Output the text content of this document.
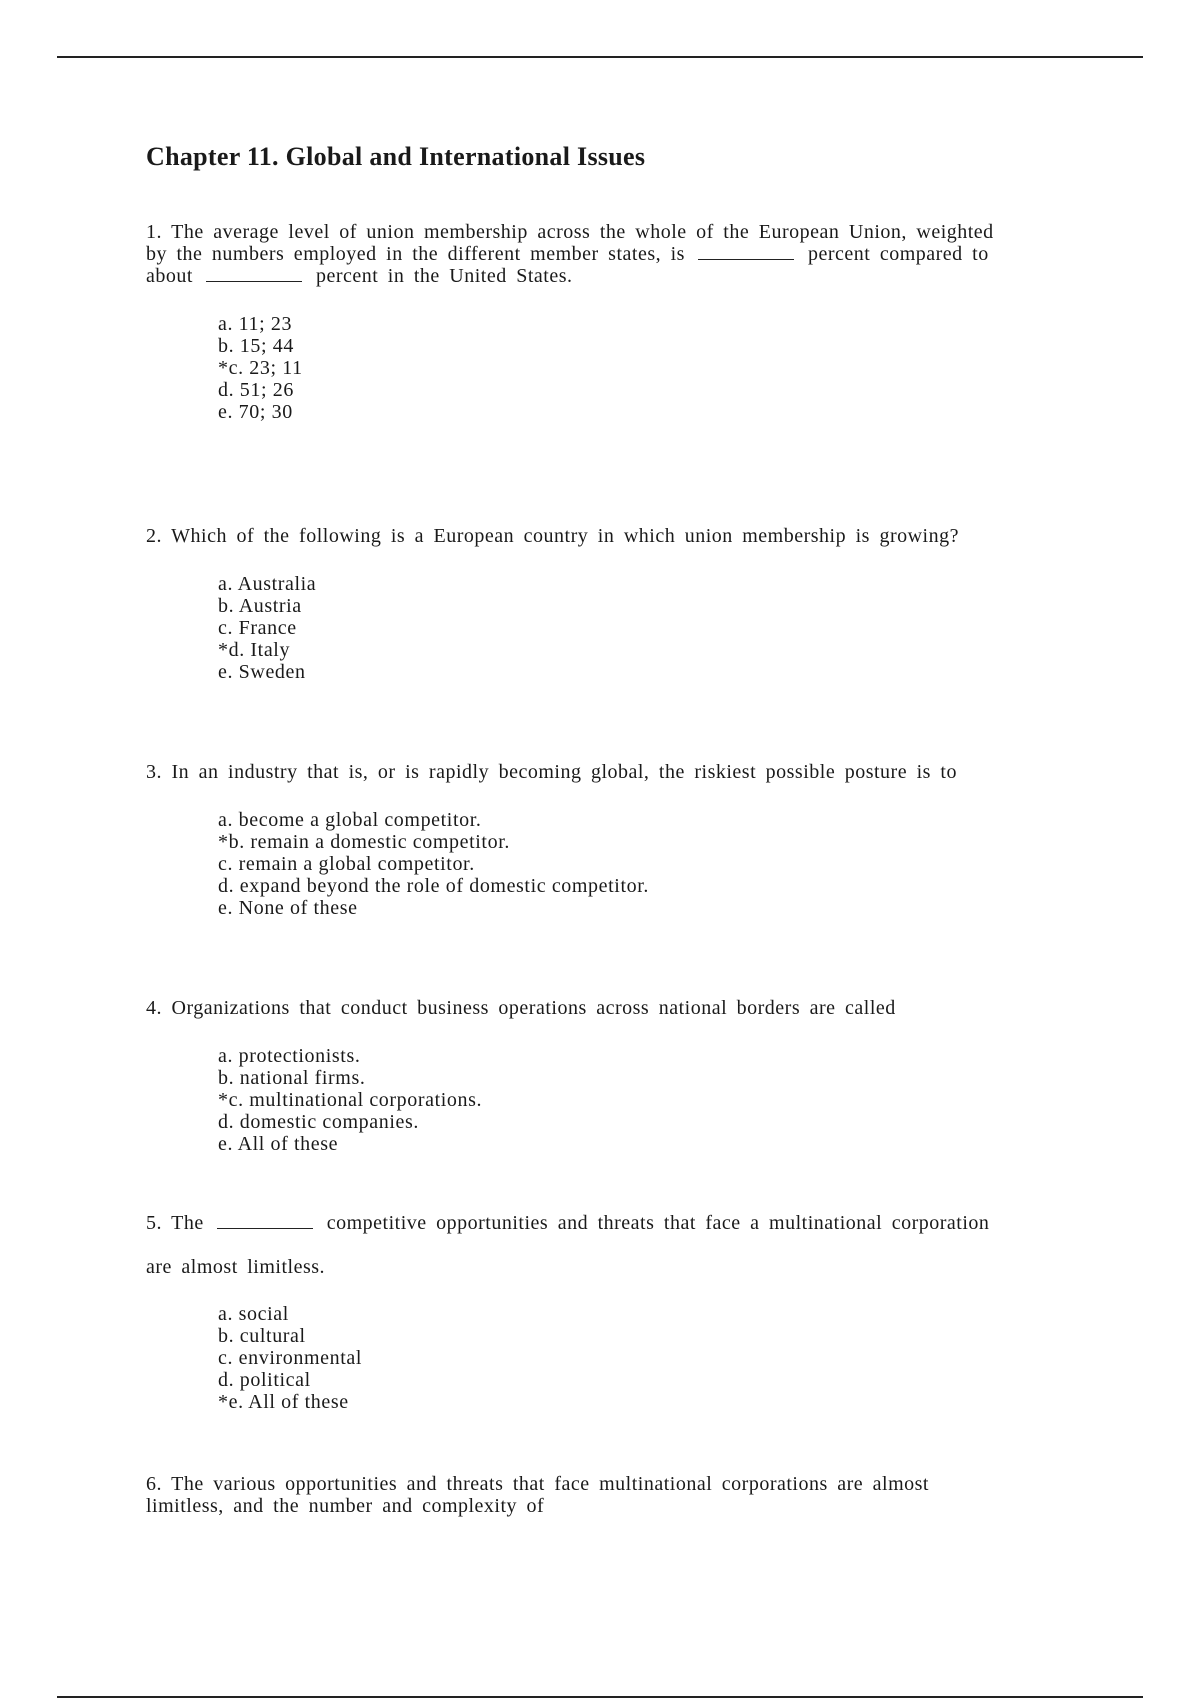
Chapter 11. Global and International Issues
1. The average level of union membership across the whole of the European Union, weighted by the numbers employed in the different member states, is	percent compared to about	percent in the United States.
a. 11; 23
b. 15; 44
*c. 23; 11
d. 51; 26
e. 70; 30
2. Which of the following is a European country in which union membership is growing?
a. Australia
b. Austria
c. France
*d. Italy
e. Sweden
3. In an industry that is, or is rapidly becoming global, the riskiest possible posture is to
a. become a global competitor.
*b. remain a domestic competitor.
c. remain a global competitor.
d. expand beyond the role of domestic competitor.
e. None of these
4. Organizations that conduct business operations across national borders are called
a. protectionists.
b. national firms.
*c. multinational corporations.
d. domestic companies.
e. All of these
5. The	competitive opportunities and threats that face a multinational corporation are almost limitless.
a. social
b. cultural
c. environmental
d. political
*e. All of these
6. The various opportunities and threats that face multinational corporations are almost limitless, and the number and complexity of
